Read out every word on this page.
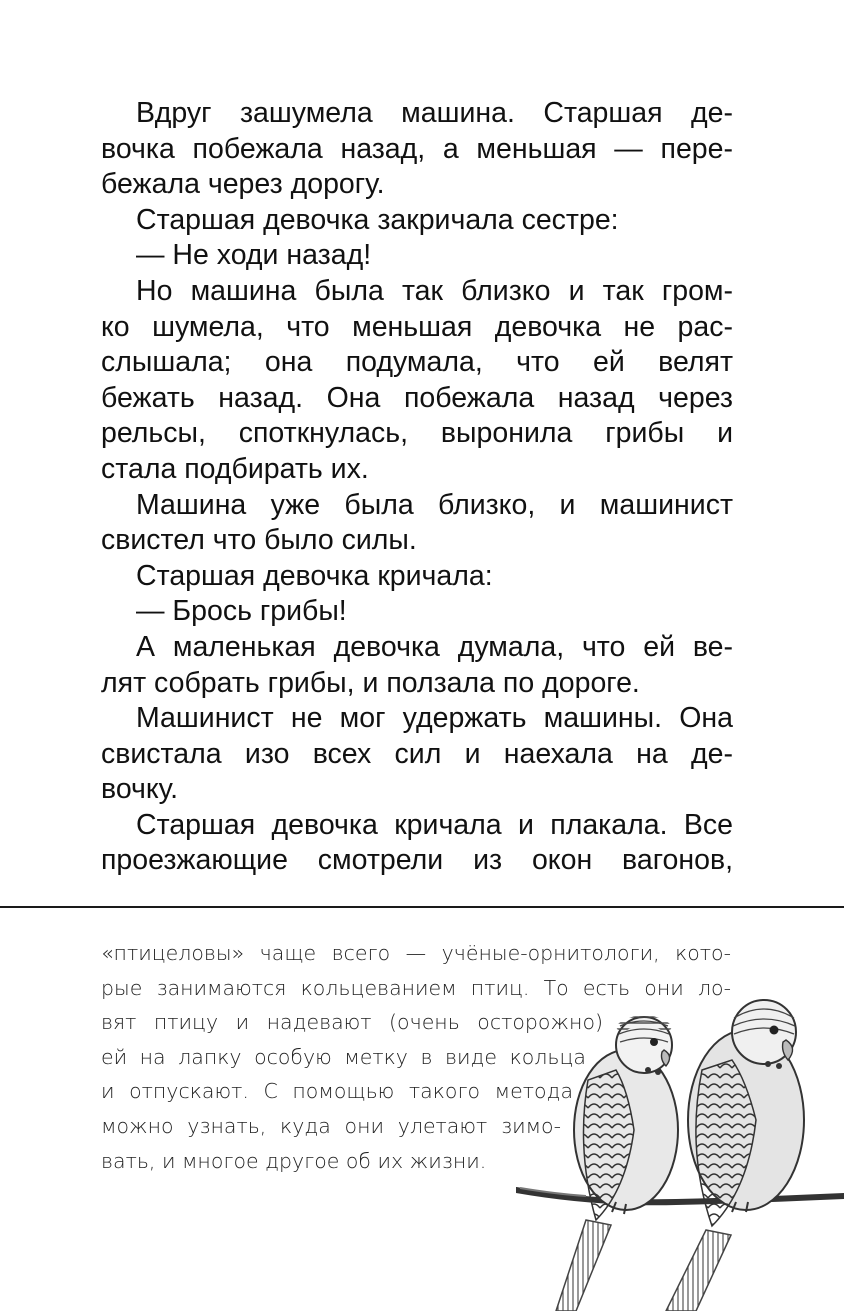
Вдруг зашумела машина. Старшая де-
вочка побежала назад, а меньшая — пере-
бежала через дорогу.
Старшая девочка закричала сестре:
— Не ходи назад!
Но машина была так близко и так гром-
ко шумела, что меньшая девочка не рас-
слышала; она подумала, что ей велят
бежать назад. Она побежала назад через
рельсы, споткнулась, выронила грибы и
стала подбирать их.
Машина уже была близко, и машинист
свистел что было силы.
Старшая девочка кричала:
— Брось грибы!
А маленькая девочка думала, что ей ве-
лят собрать грибы, и ползала по дороге.
Машинист не мог удержать машины. Она
свистала изо всех сил и наехала на де-
вочку.
Старшая девочка кричала и плакала. Все
проезжающие смотрели из окон вагонов,
«птицеловы» чаще всего — учёные-орнитологи, кото-
рые занимаются кольцеванием птиц. То есть они ло-
вят птицу и надевают (очень осторожно)
ей на лапку особую метку в виде кольца
и отпускают. С помощью такого метода
можно узнать, куда они улетают зимо-
вать, и многое другое об их жизни.
